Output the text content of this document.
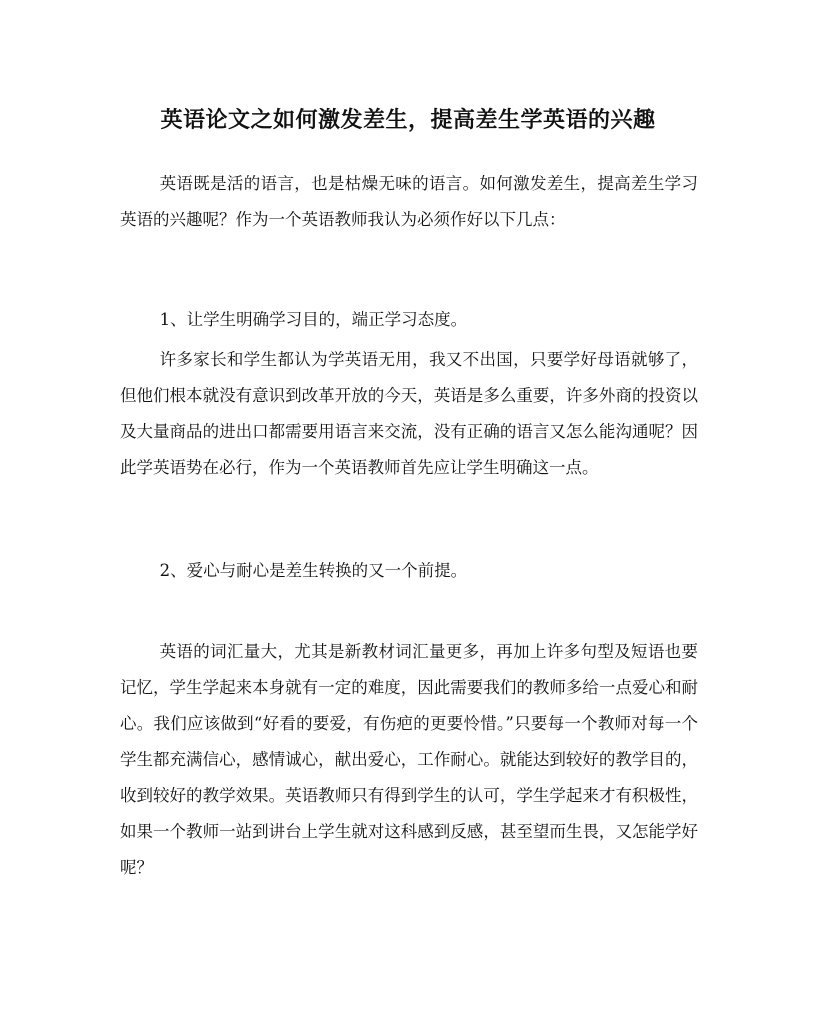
英语论文之如何激发差生，提高差生学英语的兴趣

英语既是活的语言，也是枯燥无味的语言。如何激发差生，提高差生学习英语的兴趣呢？作为一个英语教师我认为必须作好以下几点：

1、让学生明确学习目的，端正学习态度。

许多家长和学生都认为学英语无用，我又不出国，只要学好母语就够了，但他们根本就没有意识到改革开放的今天，英语是多么重要，许多外商的投资以及大量商品的进出口都需要用语言来交流，没有正确的语言又怎么能沟通呢？因此学英语势在必行，作为一个英语教师首先应让学生明确这一点。

2、爱心与耐心是差生转换的又一个前提。

英语的词汇量大，尤其是新教材词汇量更多，再加上许多句型及短语也要记忆，学生学起来本身就有一定的难度，因此需要我们的教师多给一点爱心和耐心。我们应该做到“好看的要爱，有伤疤的更要怜惜。”只要每一个教师对每一个学生都充满信心，感情诚心，献出爱心，工作耐心。就能达到较好的教学目的，收到较好的教学效果。英语教师只有得到学生的认可，学生学起来才有积极性，如果一个教师一站到讲台上学生就对这科感到反感，甚至望而生畏，又怎能学好呢？
